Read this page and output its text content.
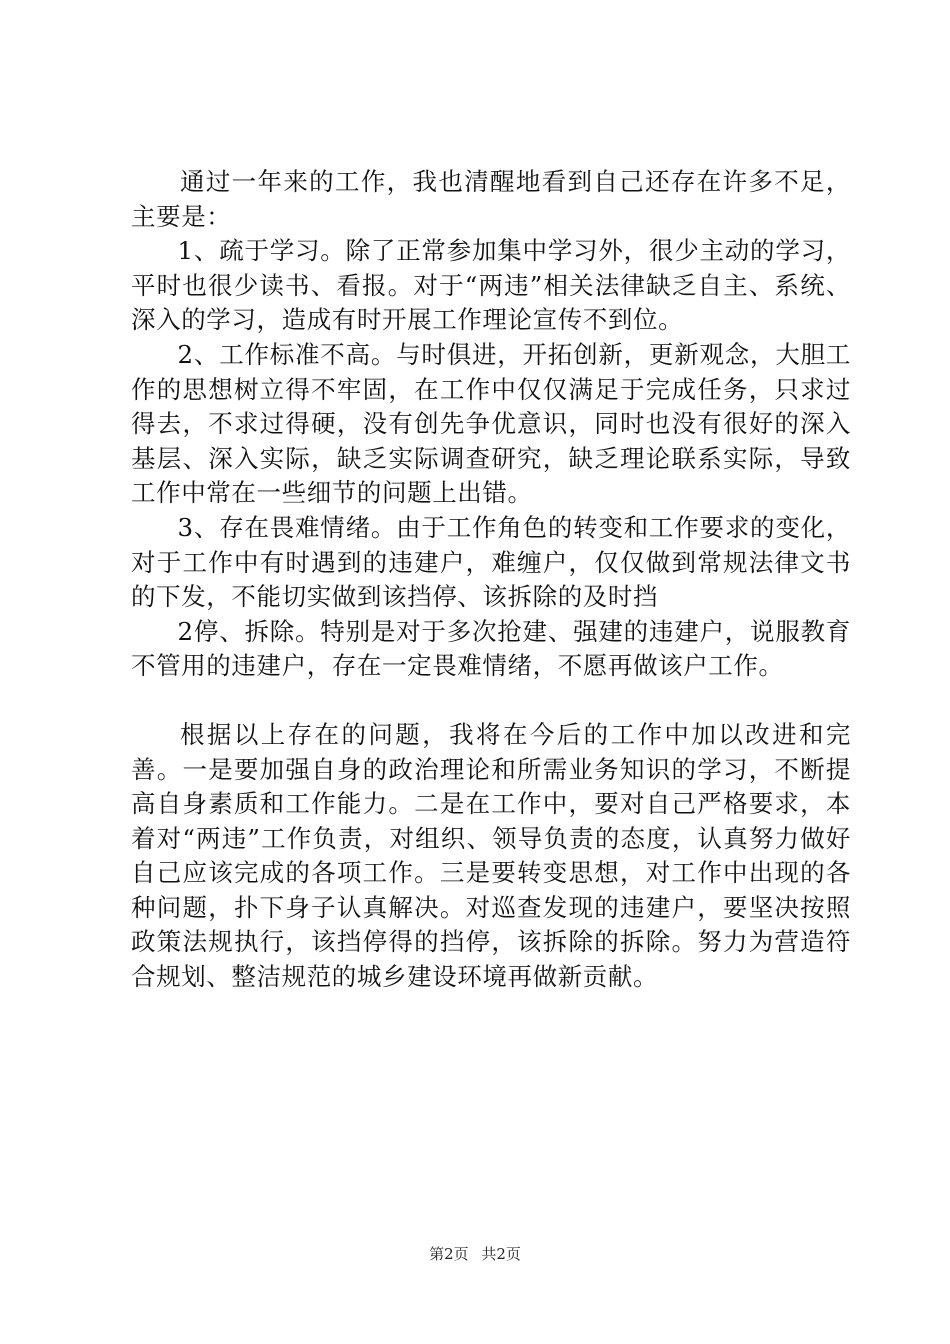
通过一年来的工作，我也清醒地看到自己还存在许多不足，主要是：

1、疏于学习。除了正常参加集中学习外，很少主动的学习，平时也很少读书、看报。对于“两违”相关法律缺乏自主、系统、深入的学习，造成有时开展工作理论宣传不到位。

2、工作标准不高。与时俱进，开拓创新，更新观念，大胆工作的思想树立得不牢固，在工作中仅仅满足于完成任务，只求过得去，不求过得硬，没有创先争优意识，同时也没有很好的深入基层、深入实际，缺乏实际调查研究，缺乏理论联系实际，导致工作中常在一些细节的问题上出错。

3、存在畏难情绪。由于工作角色的转变和工作要求的变化，对于工作中有时遇到的违建户，难缠户，仅仅做到常规法律文书的下发，不能切实做到该挡停、该拆除的及时挡

2停、拆除。特别是对于多次抢建、强建的违建户，说服教育不管用的违建户，存在一定畏难情绪，不愿再做该户工作。

根据以上存在的问题，我将在今后的工作中加以改进和完善。一是要加强自身的政治理论和所需业务知识的学习，不断提高自身素质和工作能力。二是在工作中，要对自己严格要求，本着对“两违”工作负责，对组织、领导负责的态度，认真努力做好自己应该完成的各项工作。三是要转变思想，对工作中出现的各种问题，扑下身子认真解决。对巡查发现的违建户，要坚决按照政策法规执行，该挡停得的挡停，该拆除的拆除。努力为营造符合规划、整洁规范的城乡建设环境再做新贡献。

第2页 共2页
